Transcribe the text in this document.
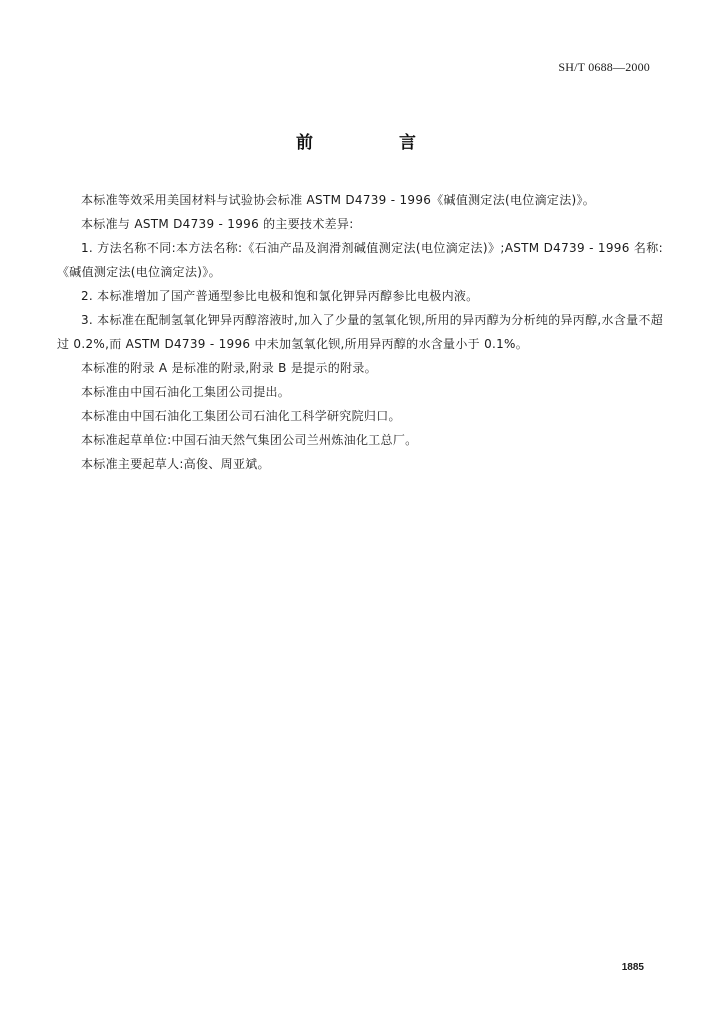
SH/T 0688—2000
前 言

本标准等效采用美国材料与试验协会标准 ASTM D4739 - 1996《碱值测定法(电位滴定法)》。

本标准与 ASTM D4739 - 1996 的主要技术差异:

1. 方法名称不同:本方法名称:《石油产品及润滑剂碱值测定法(电位滴定法)》;ASTM D4739 - 1996 名称:《碱值测定法(电位滴定法)》。

2. 本标准增加了国产普通型参比电极和饱和氯化钾异丙醇参比电极内液。

3. 本标准在配制氢氧化钾异丙醇溶液时,加入了少量的氢氧化钡,所用的异丙醇为分析纯的异丙醇,水含量不超过 0.2%,而 ASTM D4739 - 1996 中未加氢氧化钡,所用异丙醇的水含量小于 0.1%。

本标准的附录 A 是标准的附录,附录 B 是提示的附录。

本标准由中国石油化工集团公司提出。

本标准由中国石油化工集团公司石油化工科学研究院归口。

本标准起草单位:中国石油天然气集团公司兰州炼油化工总厂。

本标准主要起草人:高俊、周亚斌。

1885
